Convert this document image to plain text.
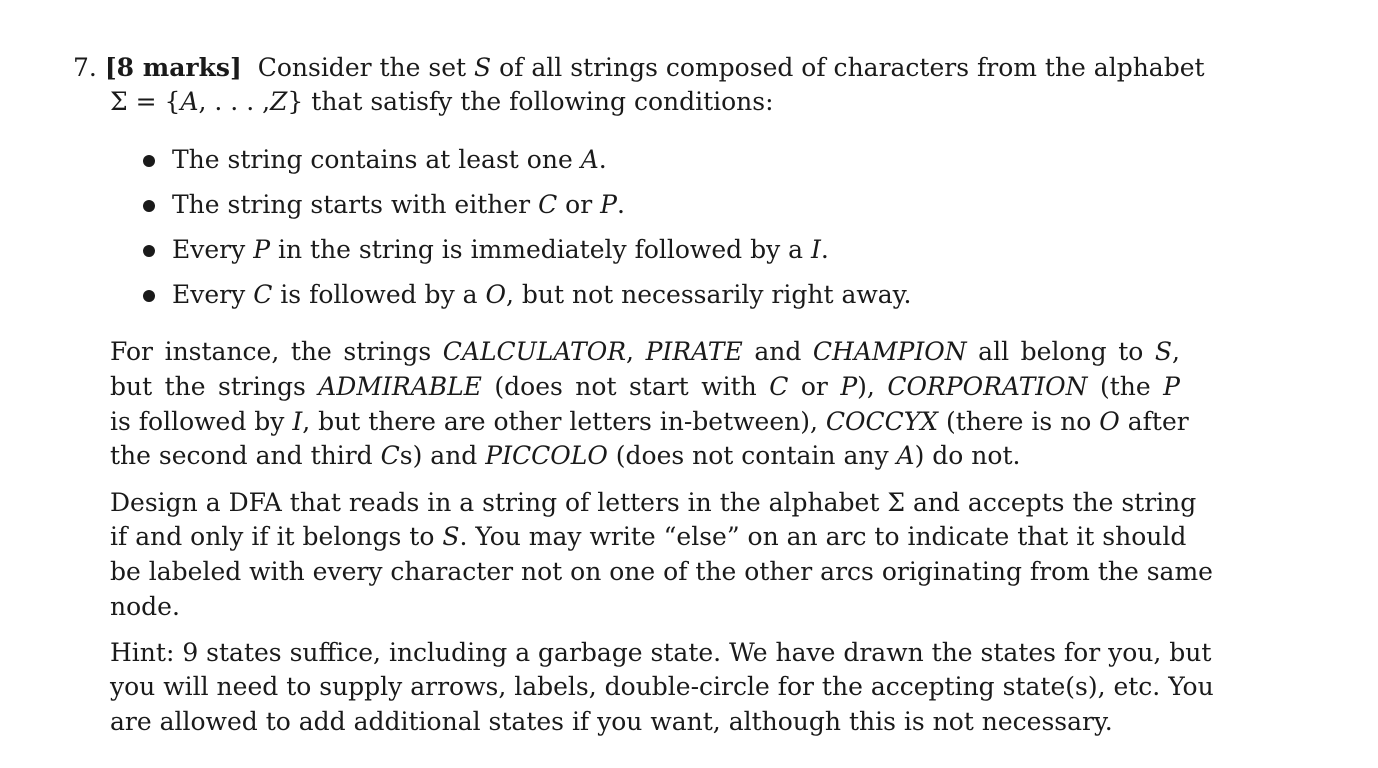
7. [8 marks] Consider the set S of all strings composed of characters from the alphabet
Σ = {A, . . . ,Z} that satisfy the following conditions:
The string contains at least one A.
The string starts with either C or P.
Every P in the string is immediately followed by a I.
Every C is followed by a O, but not necessarily right away.
For instance, the strings CALCULATOR, PIRATE and CHAMPION all belong to S,
but the strings ADMIRABLE (does not start with C or P), CORPORATION (the P
is followed by I, but there are other letters in-between), COCCYX (there is no O after
the second and third Cs) and PICCOLO (does not contain any A) do not.
Design a DFA that reads in a string of letters in the alphabet Σ and accepts the string
if and only if it belongs to S. You may write “else” on an arc to indicate that it should
be labeled with every character not on one of the other arcs originating from the same
node.
Hint: 9 states suffice, including a garbage state. We have drawn the states for you, but
you will need to supply arrows, labels, double-circle for the accepting state(s), etc. You
are allowed to add additional states if you want, although this is not necessary.
